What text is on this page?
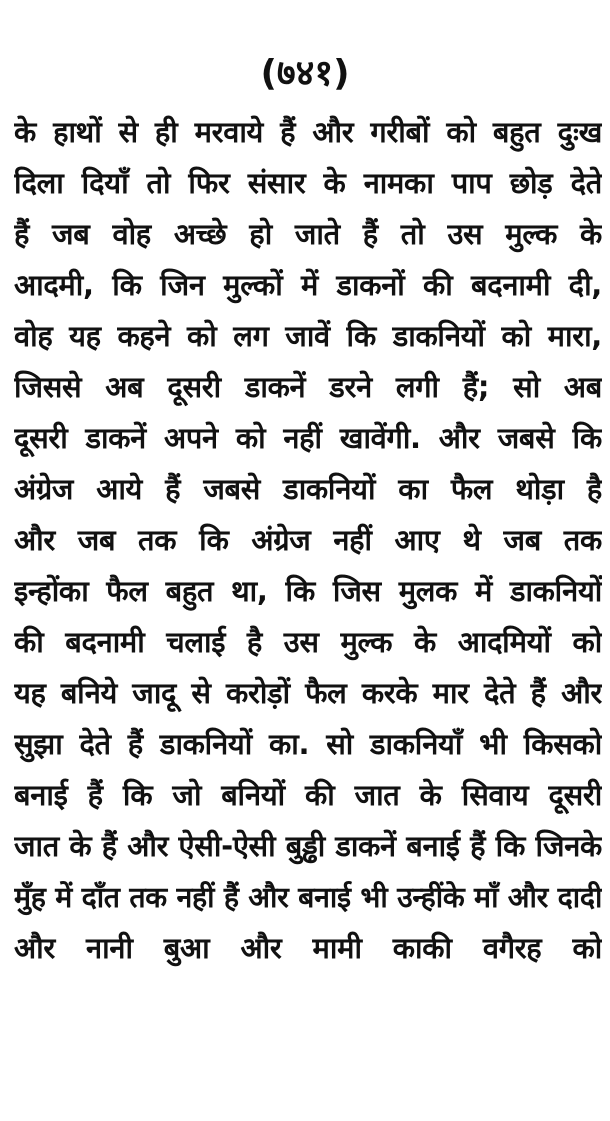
(७४१)
के हाथों से ही मरवाये हैं और गरीबों को बहुत दुःख
दिला दियाँ तो फिर संसार के नामका पाप छोड़ देते
हैं जब वोह अच्छे हो जाते हैं तो उस मुल्क के
आदमी, कि जिन मुल्कों में डाकनों की बदनामी दी,
वोह यह कहने को लग जावें कि डाकनियों को मारा,
जिससे अब दूसरी डाकनें डरने लगी हैं; सो अब
दूसरी डाकनें अपने को नहीं खावेंगी. और जबसे कि
अंग्रेज आये हैं जबसे डाकनियों का फैल थोड़ा है
और जब तक कि अंग्रेज नहीं आए थे जब तक
इन्होंका फैल बहुत था, कि जिस मुलक में डाकनियों
की बदनामी चलाई है उस मुल्क के आदमियों को
यह बनिये जादू से करोड़ों फैल करके मार देते हैं और
सुझा देते हैं डाकनियों का. सो डाकनियाँ भी किसको
बनाई हैं कि जो बनियों की जात के सिवाय दूसरी
जात के हैं और ऐसी-ऐसी बुड्ढी डाकनें बनाई हैं कि जिनके
मुँह में दाँत तक नहीं हैं और बनाई भी उन्हींके माँ और दादी
और नानी बुआ और मामी काकी वगैरह को
